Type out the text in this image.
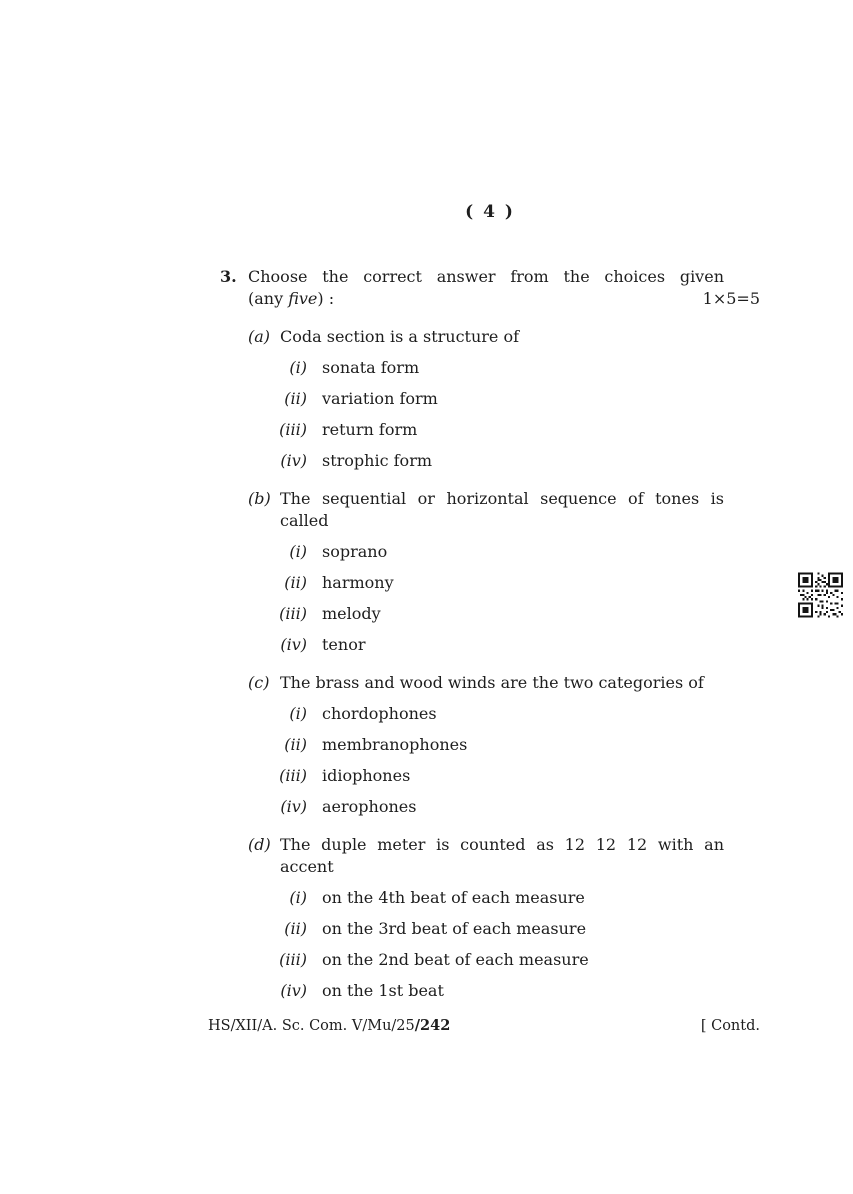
( 4 )
3. Choose the correct answer from the choices given
(any five) :	1×5=5
(a) Coda section is a structure of
(i) sonata form
(ii) variation form
(iii) return form
(iv) strophic form
(b) The sequential or horizontal sequence of tones is
called
(i) soprano
(ii) harmony
(iii) melody
(iv) tenor
(c) The brass and wood winds are the two categories of
(i) chordophones
(ii) membranophones
(iii) idiophones
(iv) aerophones
(d) The duple meter is counted as 12 12 12 with an
accent
(i) on the 4th beat of each measure
(ii) on the 3rd beat of each measure
(iii) on the 2nd beat of each measure
(iv) on the 1st beat
HS/XII/A. Sc. Com. V/Mu/25/242	[ Contd.
